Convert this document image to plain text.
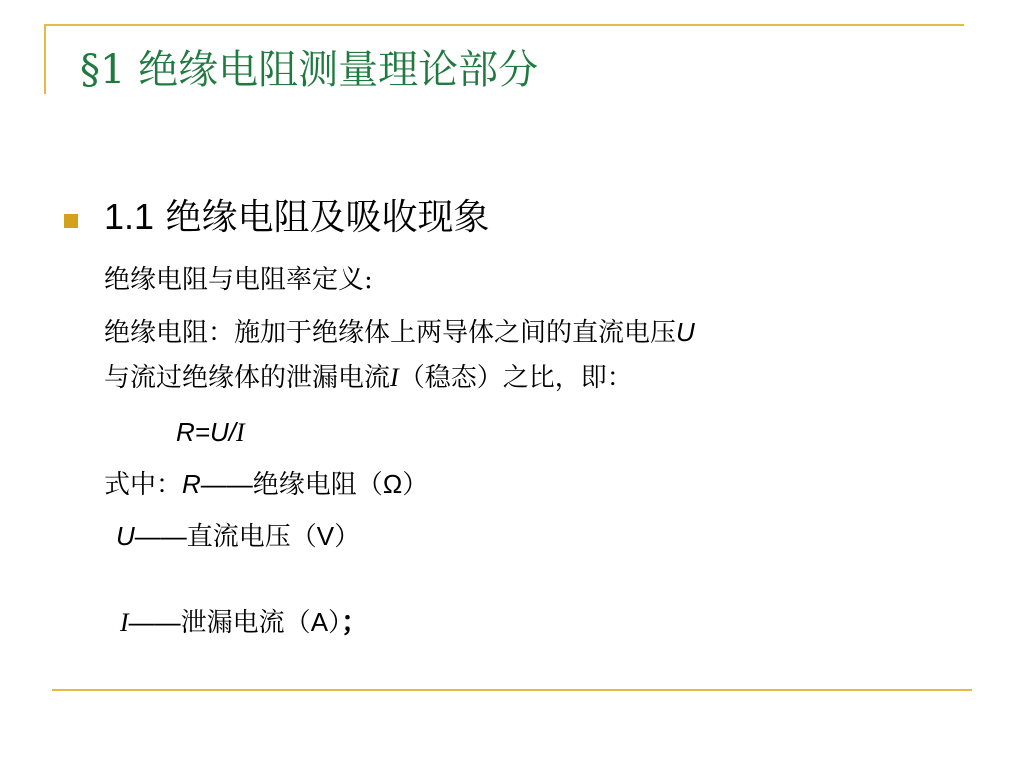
§1 绝缘电阻测量理论部分
1.1 绝缘电阻及吸收现象
绝缘电阻与电阻率定义:
绝缘电阻：施加于绝缘体上两导体之间的直流电压U
与流过绝缘体的泄漏电流I（稳态）之比，即：
R=U/I
式中：R——绝缘电阻（Ω）
U——直流电压（V）
I——泄漏电流（A）；
